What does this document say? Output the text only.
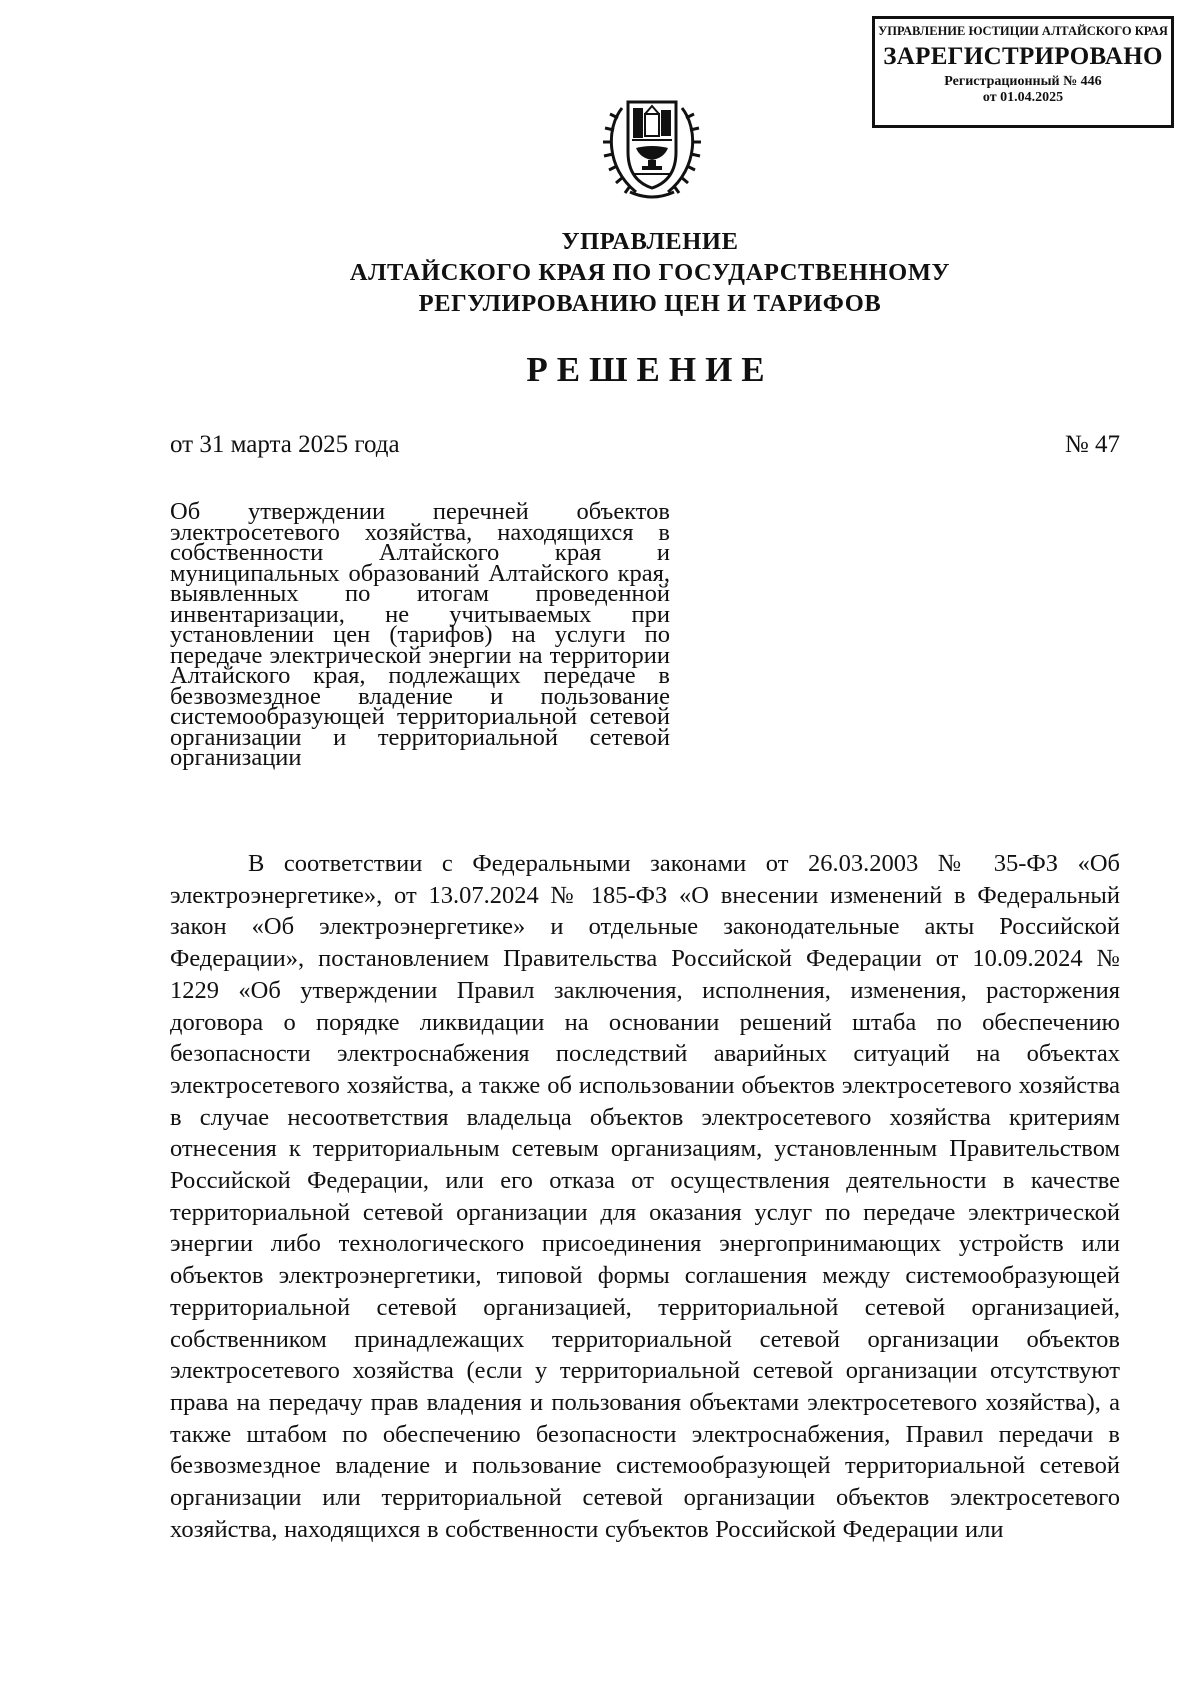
УПРАВЛЕНИЕ ЮСТИЦИИ АЛТАЙСКОГО КРАЯ
ЗАРЕГИСТРИРОВАНО
Регистрационный № 446
от 01.04.2025
УПРАВЛЕНИЕ
АЛТАЙСКОГО КРАЯ ПО ГОСУДАРСТВЕННОМУ
РЕГУЛИРОВАНИЮ ЦЕН И ТАРИФОВ
РЕШЕНИЕ
от 31 марта 2025 года	№ 47
Об утверждении перечней объектов электросетевого хозяйства, находящихся в собственности Алтайского края и муниципальных образований Алтайского края, выявленных по итогам проведенной инвентаризации, не учитываемых при установлении цен (тарифов) на услуги по передаче электрической энергии на территории Алтайского края, подлежащих передаче в безвозмездное владение и пользование системообразующей территориальной сетевой организации и территориальной сетевой организации
В соответствии с Федеральными законами от 26.03.2003 № 35-ФЗ «Об электроэнергетике», от 13.07.2024 № 185-ФЗ «О внесении изменений в Федеральный закон «Об электроэнергетике» и отдельные законодательные акты Российской Федерации», постановлением Правительства Российской Федерации от 10.09.2024 № 1229 «Об утверждении Правил заключения, исполнения, изменения, расторжения договора о порядке ликвидации на основании решений штаба по обеспечению безопасности электроснабжения последствий аварийных ситуаций на объектах электросетевого хозяйства, а также об использовании объектов электросетевого хозяйства в случае несоответствия владельца объектов электросетевого хозяйства критериям отнесения к территориальным сетевым организациям, установленным Правительством Российской Федерации, или его отказа от осуществления деятельности в качестве территориальной сетевой организации для оказания услуг по передаче электрической энергии либо технологического присоединения энергопринимающих устройств или объектов электроэнергетики, типовой формы соглашения между системообразующей территориальной сетевой организацией, территориальной сетевой организацией, собственником принадлежащих территориальной сетевой организации объектов электросетевого хозяйства (если у территориальной сетевой организации отсутствуют права на передачу прав владения и пользования объектами электросетевого хозяйства), а также штабом по обеспечению безопасности электроснабжения, Правил передачи в безвозмездное владение и пользование системообразующей территориальной сетевой организации или территориальной сетевой организации объектов электросетевого хозяйства, находящихся в собственности субъектов Российской Федерации или
